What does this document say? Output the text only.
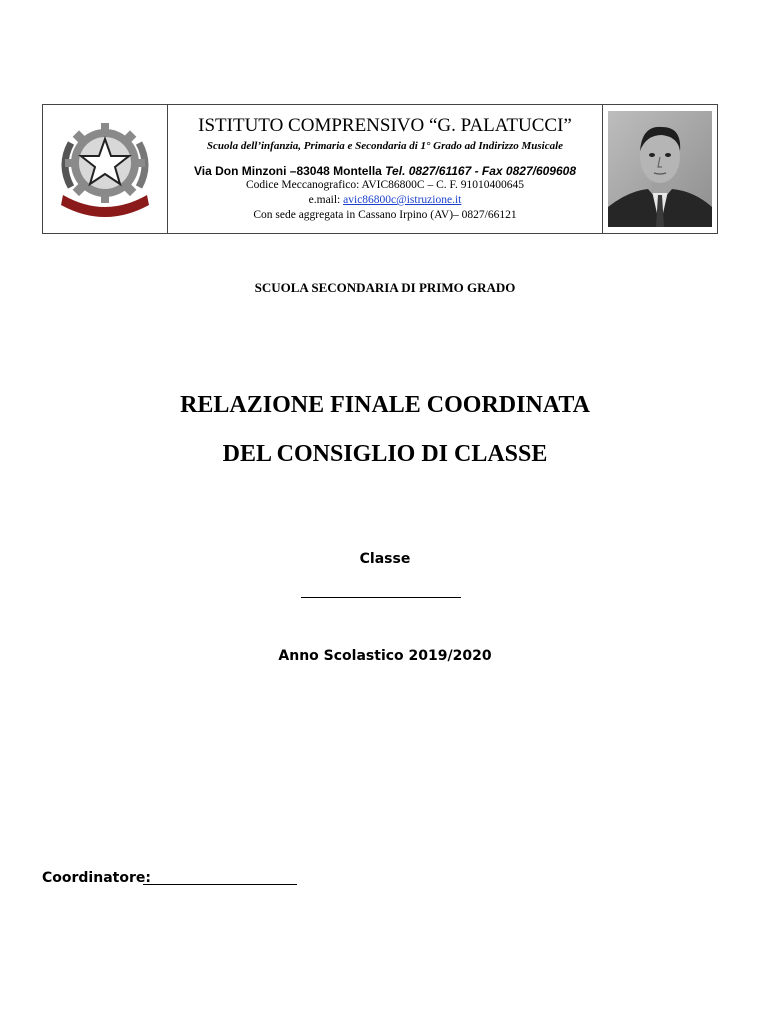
ISTITUTO COMPRENSIVO “G. PALATUCCI”
Scuola dell’infanzia, Primaria e Secondaria di 1° Grado ad Indirizzo Musicale
Via Don Minzoni –83048 Montella Tel. 0827/61167 - Fax 0827/609608
Codice Meccanografico: AVIC86800C – C. F. 91010400645
e.mail: avic86800c@istruzione.it
Con sede aggregata in Cassano Irpino (AV)– 0827/66121
SCUOLA SECONDARIA DI PRIMO GRADO
RELAZIONE FINALE COORDINATA
DEL CONSIGLIO DI CLASSE
Classe
Anno Scolastico 2019/2020
Coordinatore:
